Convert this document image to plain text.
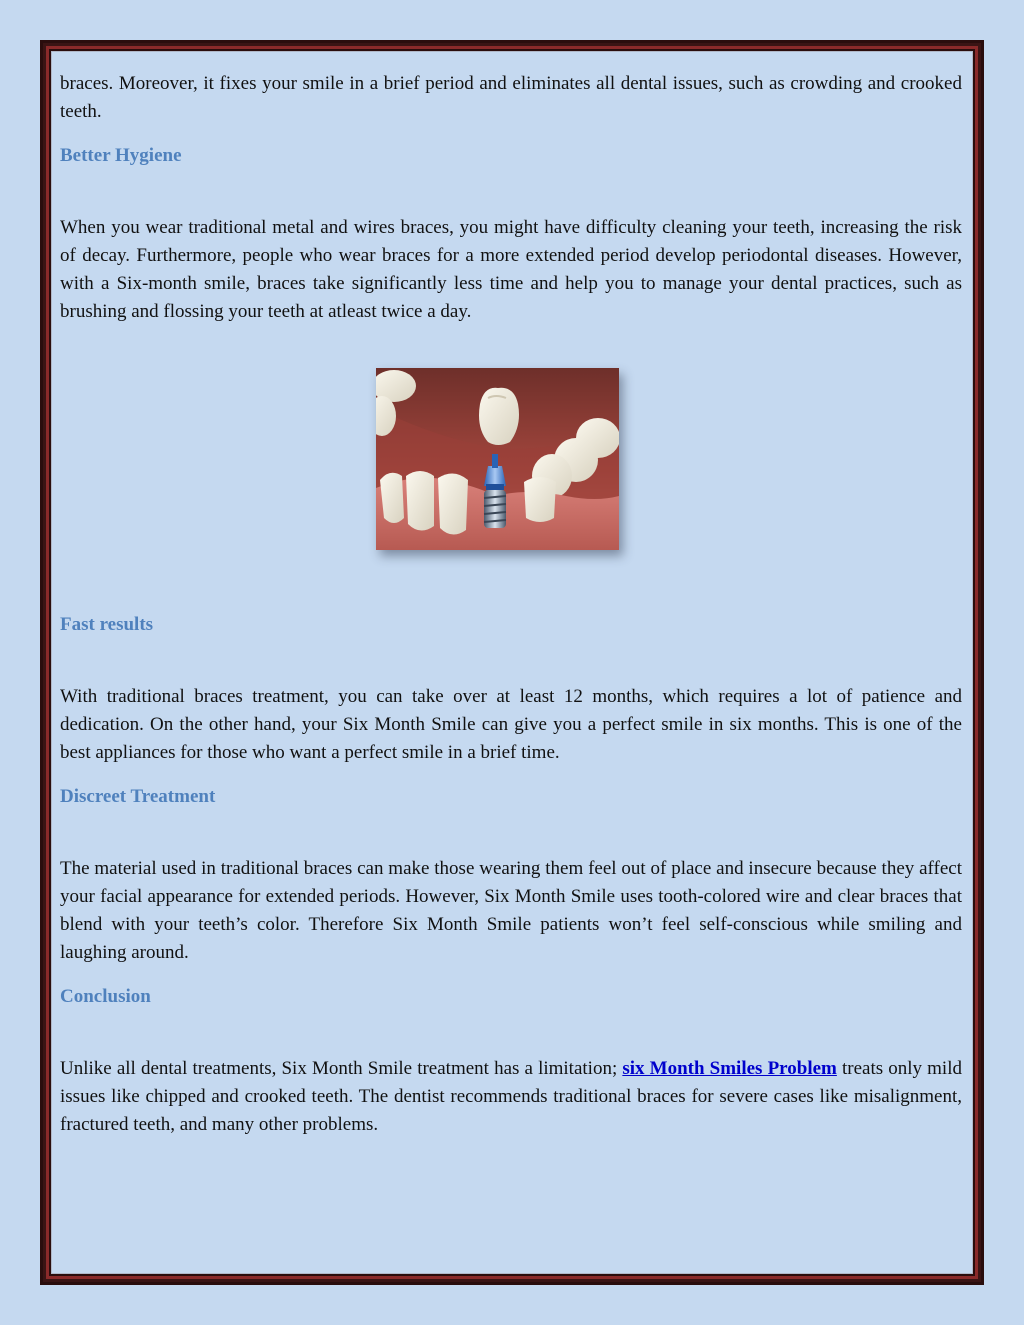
braces. Moreover, it fixes your smile in a brief period and eliminates all dental issues, such as crowding and crooked teeth.

Better Hygiene

When you wear traditional metal and wires braces, you might have difficulty cleaning your teeth, increasing the risk of decay. Furthermore, people who wear braces for a more extended period develop periodontal diseases. However, with a Six-month smile, braces take significantly less time and help you to manage your dental practices, such as brushing and flossing your teeth at atleast twice a day.

Fast results

With traditional braces treatment, you can take over at least 12 months, which requires a lot of patience and dedication. On the other hand, your Six Month Smile can give you a perfect smile in six months. This is one of the best appliances for those who want a perfect smile in a brief time.

Discreet Treatment

The material used in traditional braces can make those wearing them feel out of place and insecure because they affect your facial appearance for extended periods. However, Six Month Smile uses tooth-colored wire and clear braces that blend with your teeth’s color. Therefore Six Month Smile patients won’t feel self-conscious while smiling and laughing around.

Conclusion

Unlike all dental treatments, Six Month Smile treatment has a limitation; six Month Smiles Problem treats only mild issues like chipped and crooked teeth. The dentist recommends traditional braces for severe cases like misalignment, fractured teeth, and many other problems.
